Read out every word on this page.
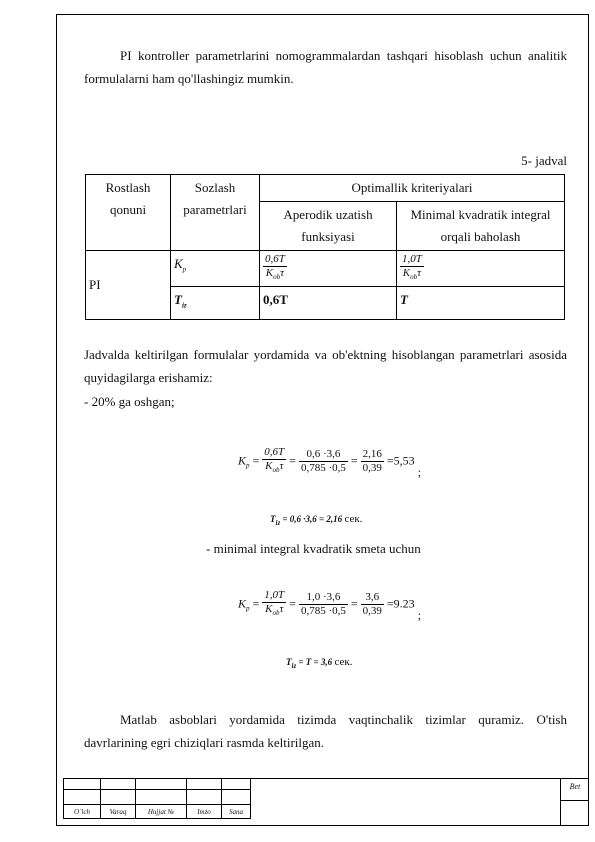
PI kontroller parametrlarini nomogrammalardan tashqari hisoblash uchun analitik formulalarni ham qo'llashingiz mumkin.

5- jadval
Rostlash qonuni	Sozlash parametrlari	Optimallik kriteriyalari	
		Aperodik uzatish funksiyasi	Minimal kvadratik integral orqali baholash
PI	$K_p$	$\frac{0,6T}{K_{ob}\tau}$	$\frac{1,0T}{K_{ob}\tau}$

	$T_{iz}$	0,6T	T

Jadvalda keltirilgan formulalar yordamida va ob'ektning hisoblangan parametrlari asosida quyidagilarga erishamiz:

- 20% ga oshgan;

$K_p = \frac{0,6T}{K_{ob}\tau} = \frac{0,6 \cdot 3,6}{0,785 \cdot 0,5} = \frac{2,16}{0,39} =5,53$ ;
$T_{iz} = 0,6 \cdot 3,6 = 2,16$ сек.

- minimal integral kvadratik smeta uchun

$K_p = \frac{1,0T}{K_{ob}\tau} = \frac{1,0 \cdot 3,6}{0,785 \cdot 0,5} = \frac{3,6}{0,39} =9.23$ ;
$T_{iz} = T = 3,6$ сек.

Matlab asboblari yordamida tizimda vaqtinchalik tizimlar quramiz. O'tish davrlarining egri chiziqlari rasmda keltirilgan.

O`lch	Varaq	Hujjat №	Imzo	Sana
Bet
